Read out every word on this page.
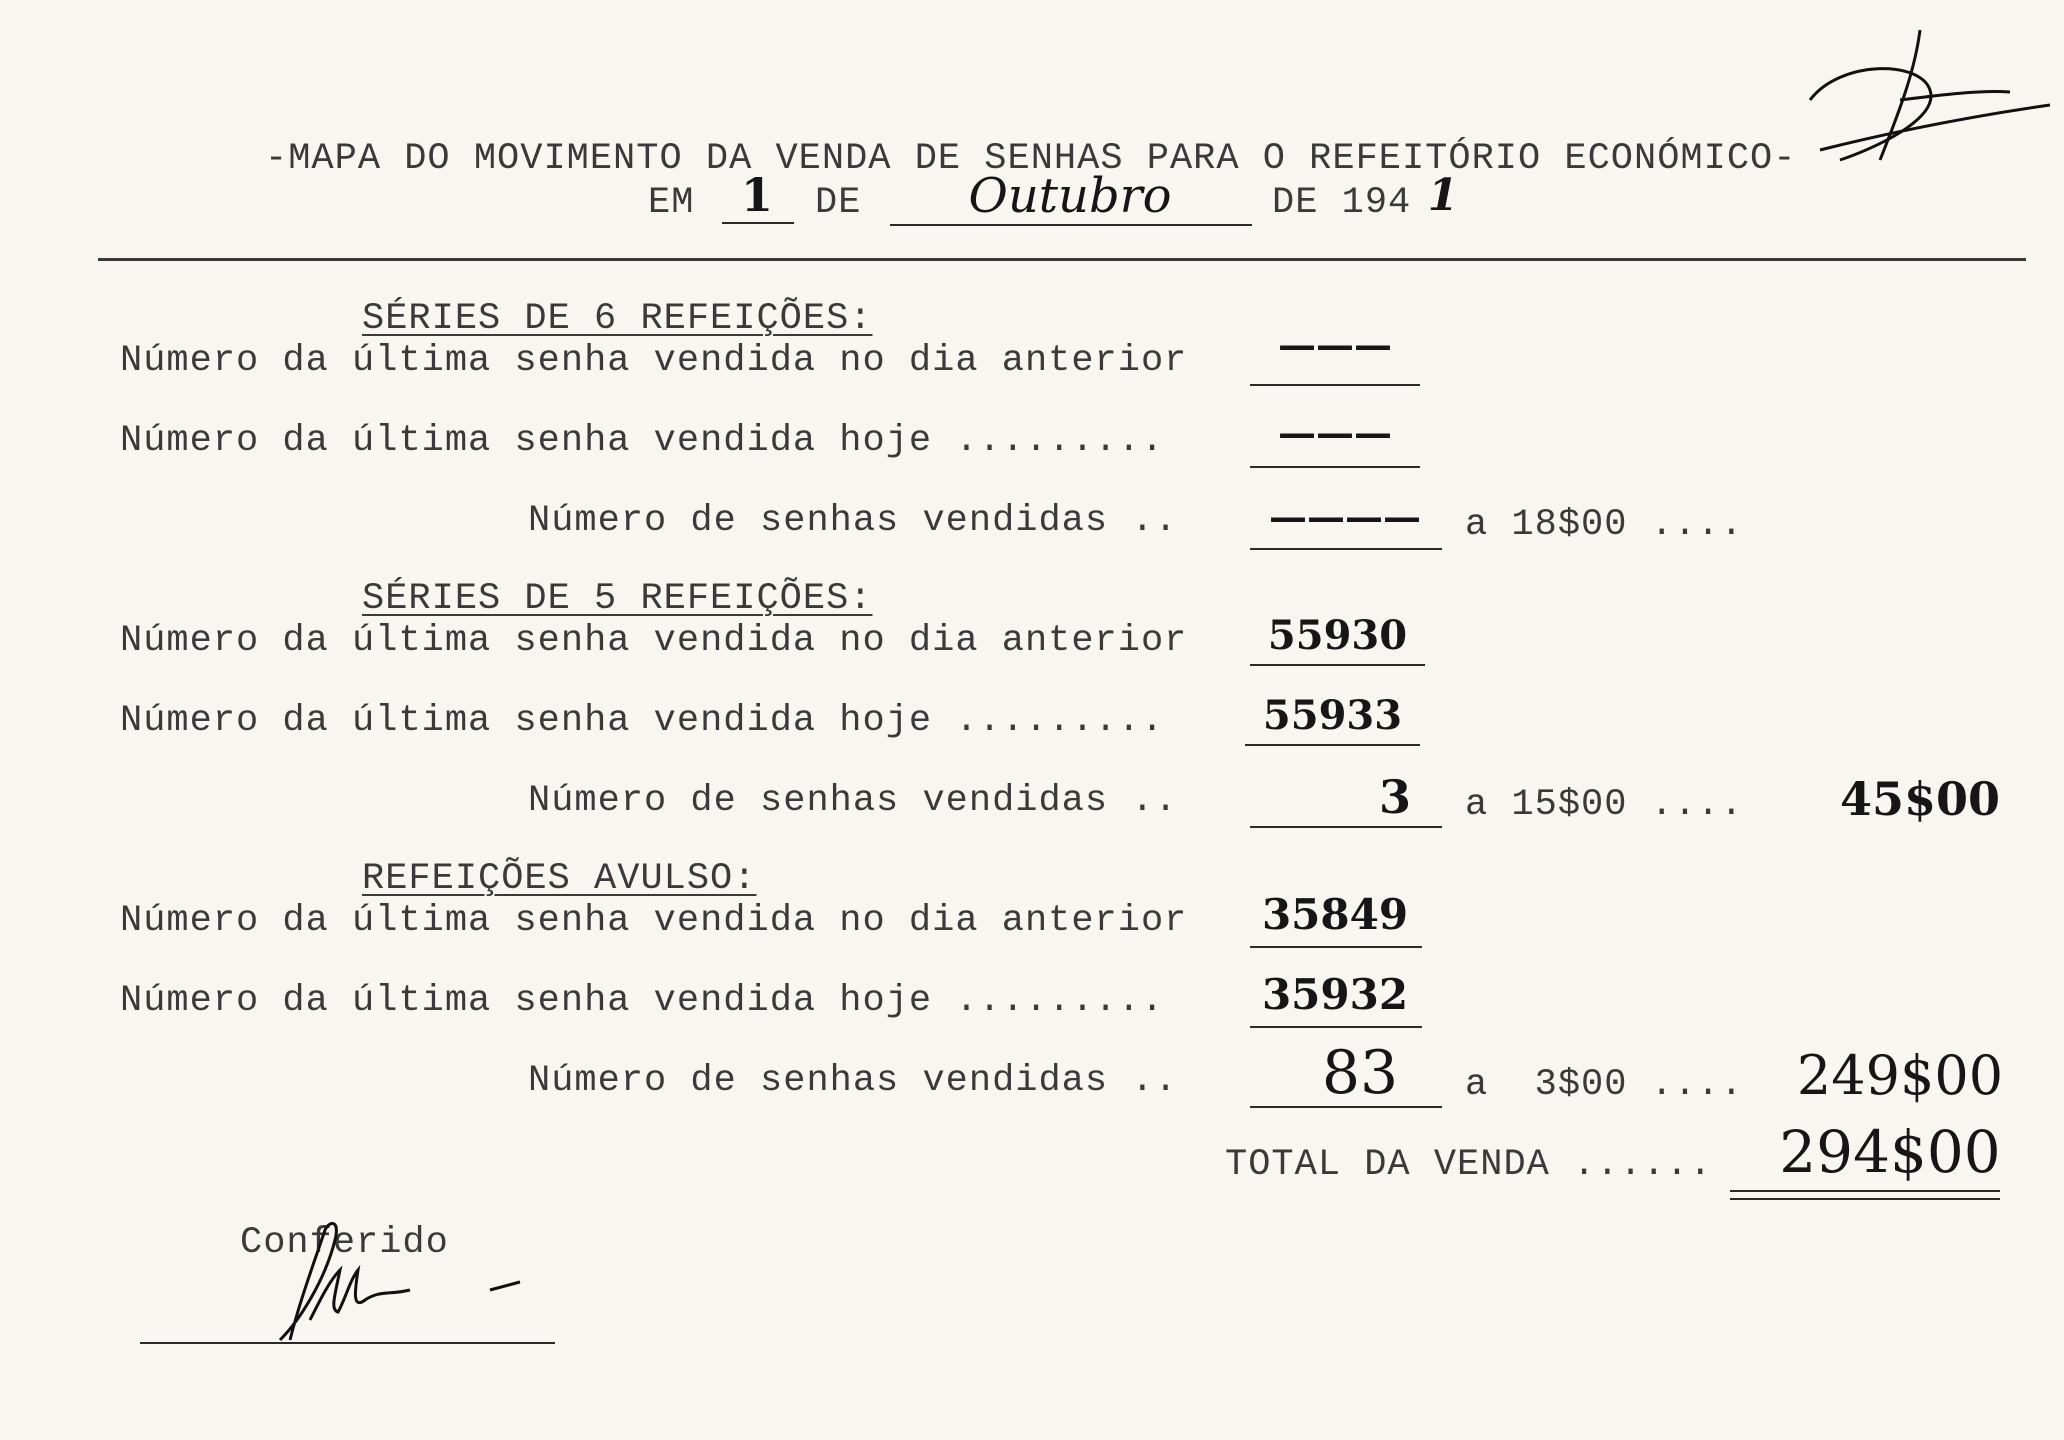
-MAPA DO MOVIMENTO DA VENDA DE SENHAS PARA O REFEITÓRIO ECONÓMICO-
EM	1	DE	Outubro	DE 194 1
SÉRIES DE 6 REFEIÇÕES:
Número da última senha vendida no dia anterior	———
Número da última senha vendida hoje .........	———
Número de senhas vendidas ..	————	a 18$00 ....
SÉRIES DE 5 REFEIÇÕES:
Número da última senha vendida no dia anterior	55930
Número da última senha vendida hoje .........	55933
Número de senhas vendidas ..	3	a 15$00 ....	45$00
REFEIÇÕES AVULSO:
Número da última senha vendida no dia anterior 35849
Número da última senha vendida hoje ......... 35932
Número de senhas vendidas ..	83	a  3$00 .... 249$00
TOTAL DA VENDA ......	294$00
Conferido
